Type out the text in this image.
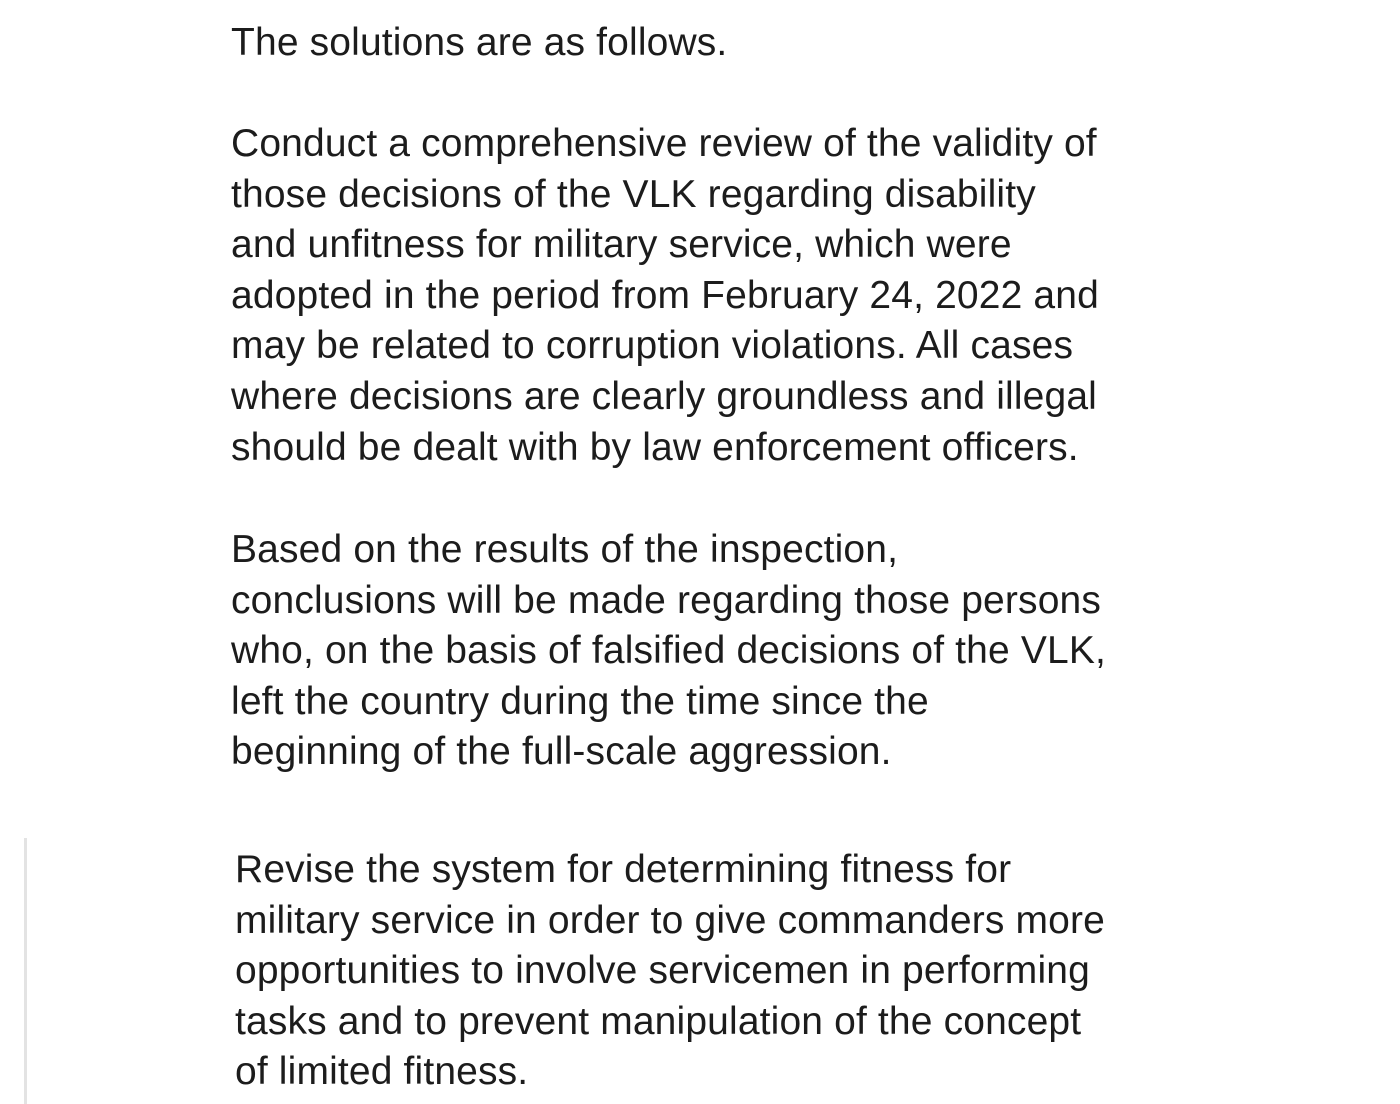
The solutions are as follows.

Conduct a comprehensive review of the validity of
those decisions of the VLK regarding disability
and unfitness for military service, which were
adopted in the period from February 24, 2022 and
may be related to corruption violations. All cases
where decisions are clearly groundless and illegal
should be dealt with by law enforcement officers.

Based on the results of the inspection,
conclusions will be made regarding those persons
who, on the basis of falsified decisions of the VLK,
left the country during the time since the
beginning of the full-scale aggression.

Revise the system for determining fitness for
military service in order to give commanders more
opportunities to involve servicemen in performing
tasks and to prevent manipulation of the concept
of limited fitness.
